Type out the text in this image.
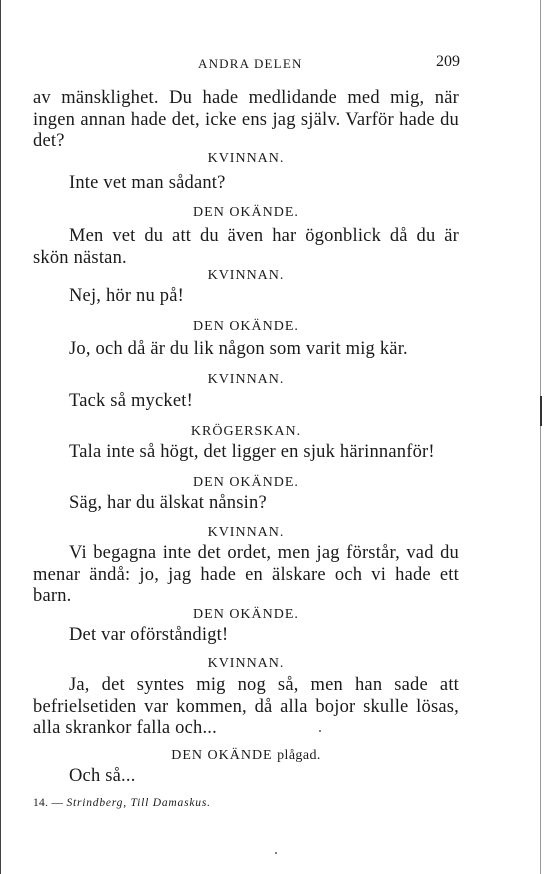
ANDRA DELEN	209

av mänsklighet. Du hade medlidande med mig, när ingen annan hade det, icke ens jag själv. Varför hade du det?

KVINNAN.

Inte vet man sådant?

DEN OKÄNDE.

Men vet du att du även har ögonblick då du är skön nästan.

KVINNAN.

Nej, hör nu på!

DEN OKÄNDE.

Jo, och då är du lik någon som varit mig kär.

KVINNAN.

Tack så mycket!

KRÖGERSKAN.

Tala inte så högt, det ligger en sjuk härinnanför!

DEN OKÄNDE.

Säg, har du älskat nånsin?

KVINNAN.

Vi begagna inte det ordet, men jag förstår, vad du menar ändå: jo, jag hade en älskare och vi hade ett barn.

DEN OKÄNDE.

Det var oförståndigt!

KVINNAN.

Ja, det syntes mig nog så, men han sade att befrielsetiden var kommen, då alla bojor skulle lösas, alla skrankor falla och...

DEN OKÄNDE plågad.

Och så...

14. — Strindberg, Till Damaskus.
